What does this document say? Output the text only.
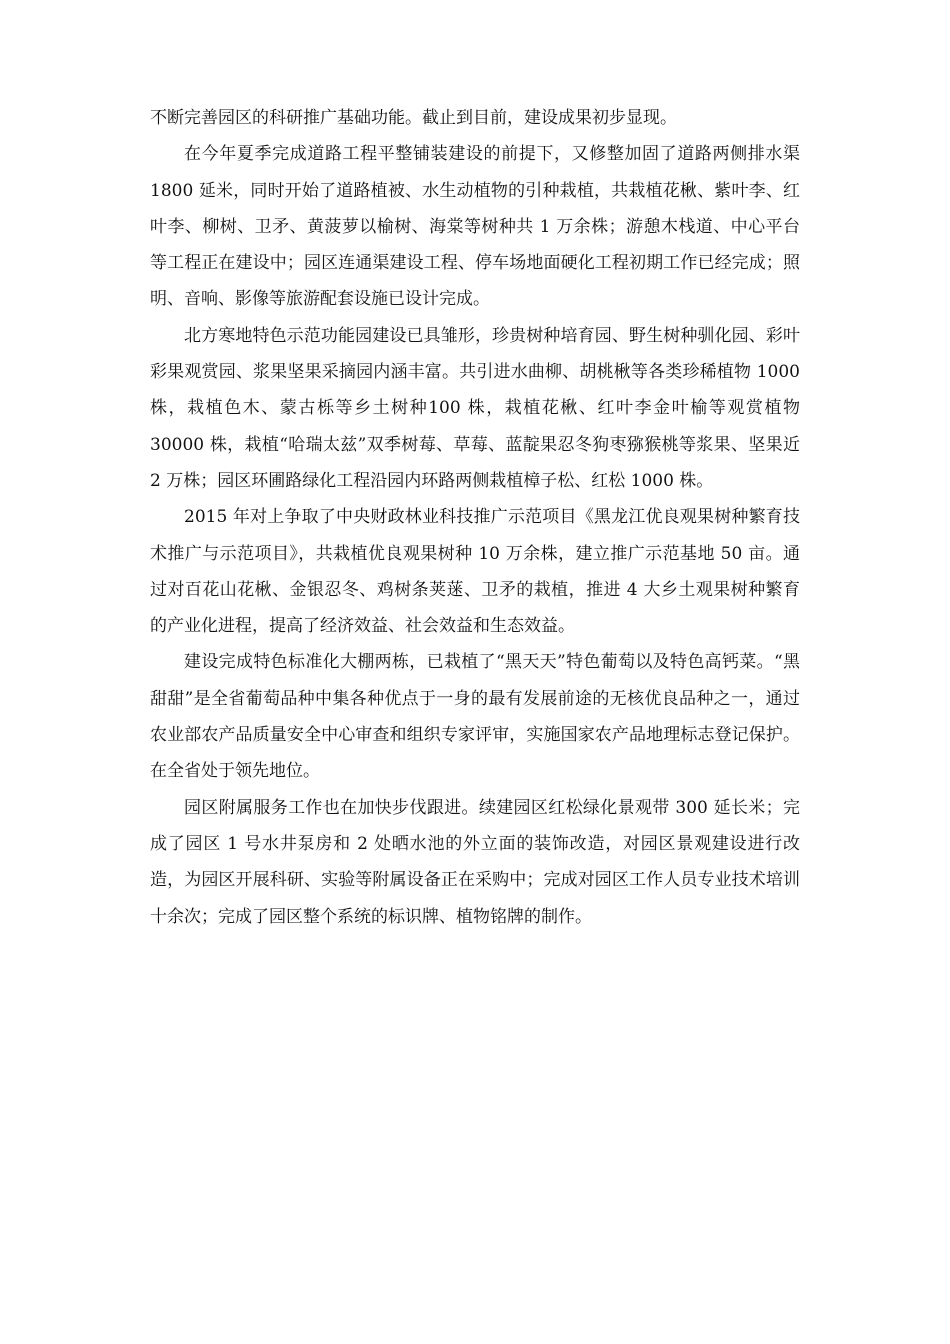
不断完善园区的科研推广基础功能。截止到目前，建设成果初步显现。

在今年夏季完成道路工程平整铺装建设的前提下，又修整加固了道路两侧排水渠 1800 延米，同时开始了道路植被、水生动植物的引种栽植，共栽植花楸、紫叶李、红叶李、柳树、卫矛、黄菠萝以榆树、海棠等树种共 1 万余株；游憩木栈道、中心平台等工程正在建设中；园区连通渠建设工程、停车场地面硬化工程初期工作已经完成；照明、音响、影像等旅游配套设施已设计完成。

北方寒地特色示范功能园建设已具雏形，珍贵树种培育园、野生树种驯化园、彩叶彩果观赏园、浆果坚果采摘园内涵丰富。共引进水曲柳、胡桃楸等各类珍稀植物 1000 株，栽植色木、蒙古栎等乡土树种100 株，栽植花楸、红叶李金叶榆等观赏植物 30000 株，栽植“哈瑞太兹”双季树莓、草莓、蓝靛果忍冬狗枣猕猴桃等浆果、坚果近 2 万株；园区环圃路绿化工程沿园内环路两侧栽植樟子松、红松 1000 株。

2015 年对上争取了中央财政林业科技推广示范项目《黑龙江优良观果树种繁育技术推广与示范项目》，共栽植优良观果树种 10 万余株，建立推广示范基地 50 亩。通过对百花山花楸、金银忍冬、鸡树条荚蒾、卫矛的栽植，推进 4 大乡土观果树种繁育的产业化进程，提高了经济效益、社会效益和生态效益。

建设完成特色标准化大棚两栋，已栽植了“黑天天”特色葡萄以及特色高钙菜。“黑甜甜”是全省葡萄品种中集各种优点于一身的最有发展前途的无核优良品种之一，通过农业部农产品质量安全中心审查和组织专家评审，实施国家农产品地理标志登记保护。在全省处于领先地位。

园区附属服务工作也在加快步伐跟进。续建园区红松绿化景观带 300 延长米；完成了园区 1 号水井泵房和 2 处晒水池的外立面的装饰改造，对园区景观建设进行改造，为园区开展科研、实验等附属设备正在采购中；完成对园区工作人员专业技术培训十余次；完成了园区整个系统的标识牌、植物铭牌的制作。
